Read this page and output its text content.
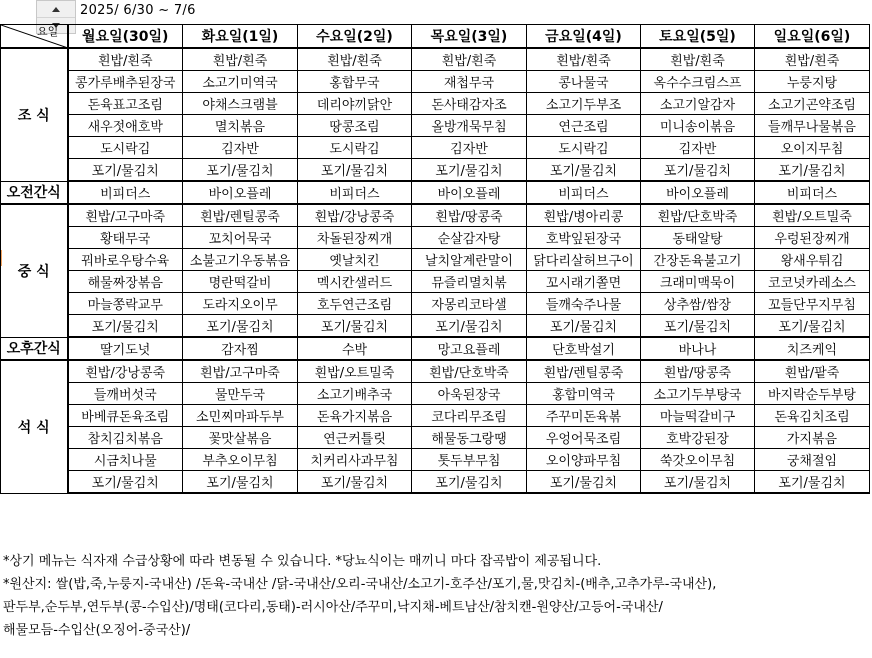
2025/ 6/30 ~ 7/6
요일	월요일(30일)	화요일(1일)	수요일(2일)	목요일(3일)	금요일(4일)	토요일(5일)	일요일(6일)
조 식	흰밥/흰죽	흰밥/흰죽	흰밥/흰죽	흰밥/흰죽	흰밥/흰죽	흰밥/흰죽	흰밥/흰죽
	콩가루배추된장국	소고기미역국	홍합무국	재첩무국	콩나물국	옥수수크림스프	누룽지탕
	돈육표고조림	야채스크램블	데리야끼닭안	돈사태감자조	소고기두부조	소고기알감자	소고기곤약조림
	새우젓애호박	멸치볶음	땅콩조림	올방개묵무침	연근조림	미니송이볶음	들깨무나물볶음
	도시락김	김자반	도시락김	김자반	도시락김	김자반	오이지무침
	포기/물김치	포기/물김치	포기/물김치	포기/물김치	포기/물김치	포기/물김치	포기/물김치
오전간식	비피더스	바이오플레	비피더스	바이오플레	비피더스	바이오플레	비피더스
중 식	흰밥/고구마죽	흰밥/렌틸콩죽	흰밥/강낭콩죽	흰밥/땅콩죽	흰밥/병아리콩	흰밥/단호박죽	흰밥/오트밀죽
	황태무국	꼬치어묵국	차돌된장찌개	순살감자탕	호박잎된장국	동태알탕	우렁된장찌개
	꿔바로우탕수육	소불고기우동볶음	옛날치킨	날치알계란말이	닭다리살허브구이	간장돈육불고기	왕새우튀김
	해물짜장볶음	명란떡갈비	멕시칸샐러드	뮤즐리멸치볶	꼬시래기쫄면	크래미맥묵이	코코넛카레소스
	마늘쫑락교무	도라지오이무	호두연근조림	자몽리코타샐	들깨숙주나물	상추쌈/쌈장	꼬들단무지무침
	포기/물김치	포기/물김치	포기/물김치	포기/물김치	포기/물김치	포기/물김치	포기/물김치
오후간식	딸기도넛	감자찜	수박	망고요플레	단호박설기	바나나	치즈케익
석 식	흰밥/강낭콩죽	흰밥/고구마죽	흰밥/오트밀죽	흰밥/단호박죽	흰밥/렌틸콩죽	흰밥/땅콩죽	흰밥/팥죽
	들깨버섯국	물만두국	소고기배추국	아욱된장국	홍합미역국	소고기두부탕국	바지락순두부탕
	바베큐돈육조림	소민찌마파두부	돈육가지볶음	코다리무조림	주꾸미돈육볶	마늘떡갈비구	돈육김치조림
	참치김치볶음	꽃맛살볶음	연근커틀릿	해물동그랑땡	우엉어묵조림	호박강된장	가지볶음
	시금치나물	부추오이무침	치커리사과무침	톳두부무침	오이양파무침	쑥갓오이무침	궁채절임
	포기/물김치	포기/물김치	포기/물김치	포기/물김치	포기/물김치	포기/물김치	포기/물김치
*상기 메뉴는 식자재 수급상황에 따라 변동될 수 있습니다. *당뇨식이는 매끼니 마다 잡곡밥이 제공됩니다.
*원산지: 쌀(밥,죽,누룽지-국내산) /돈육-국내산 /닭-국내산/오리-국내산/소고기-호주산/포기,물,맛김치-(배추,고추가루-국내산),
판두부,순두부,연두부(콩-수입산)/명태(코다리,동태)-러시아산/주꾸미,낙지채-베트남산/참치캔-원양산/고등어-국내산/
해물모듬-수입산(오징어-중국산)/
